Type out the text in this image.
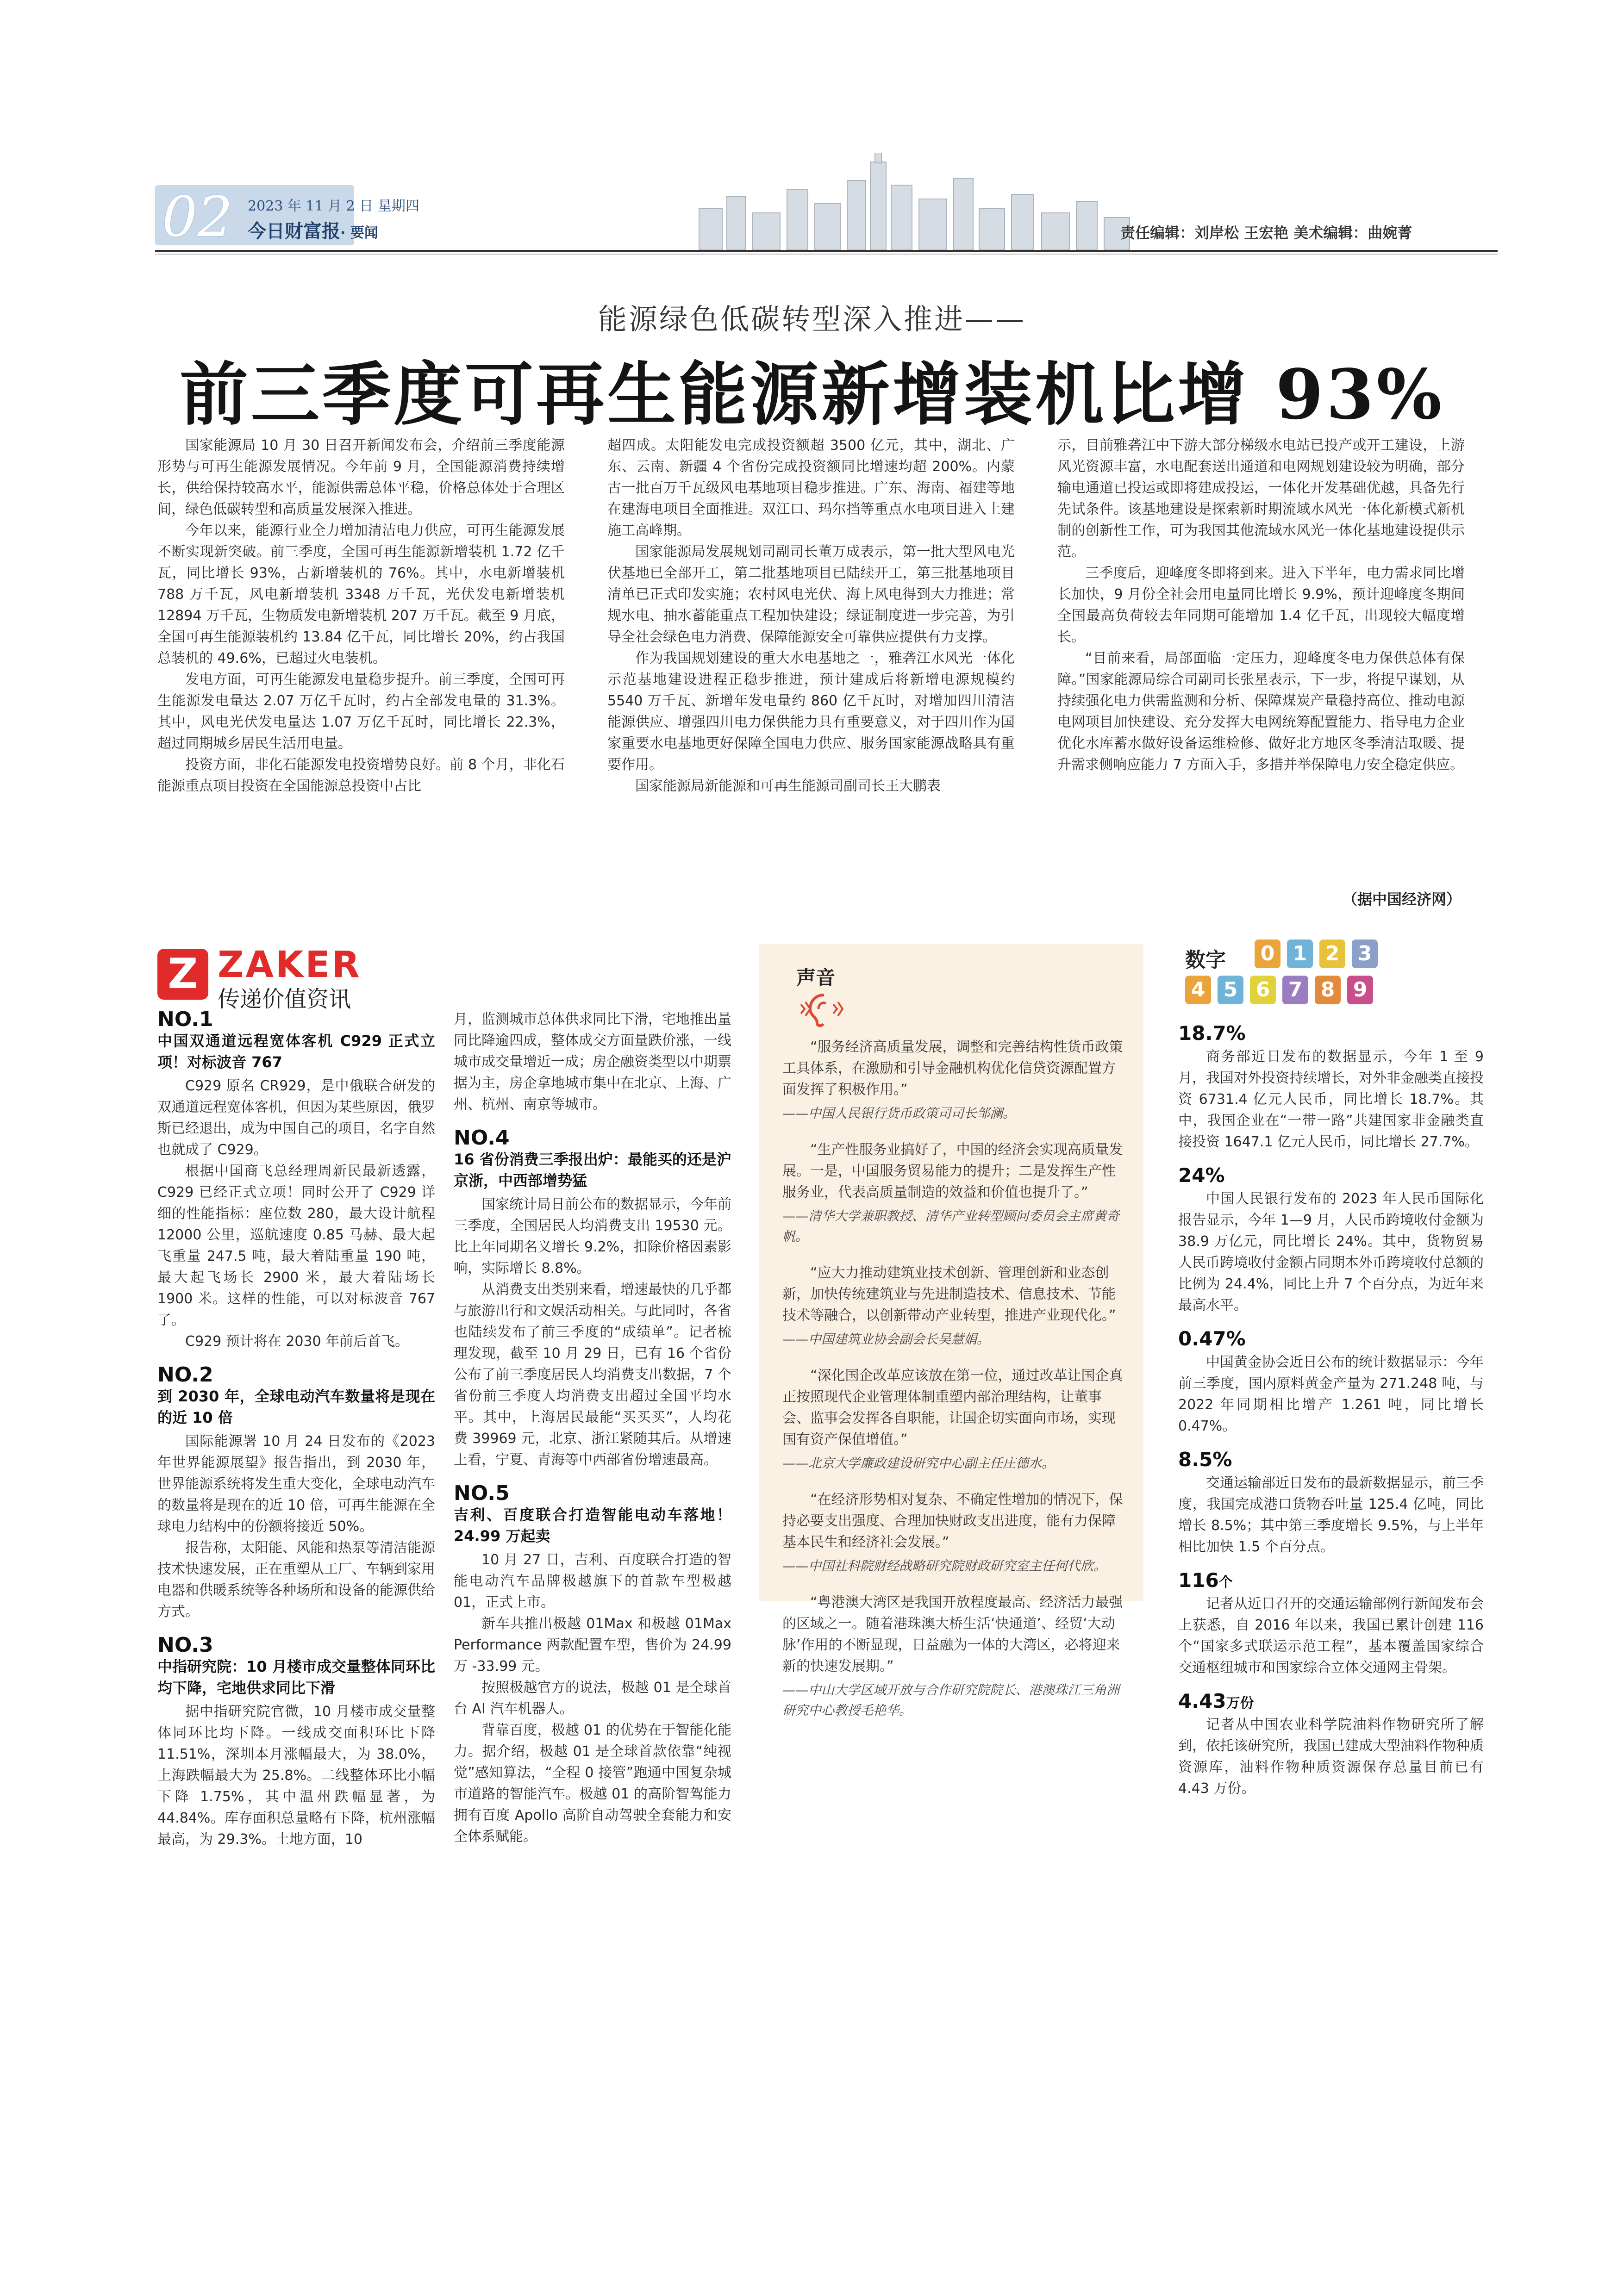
02 2023 年 11 月 2 日 星期四
今日财富报· 要闻	责任编辑：刘岸松 王宏艳 美术编辑：曲婉菁
能源绿色低碳转型深入推进——
前三季度可再生能源新增装机比增 93%

国家能源局 10 月 30 日召开新闻发布会，介绍前三季度能源形势与可再生能源发展情况。今年前 9 月，全国能源消费持续增长，供给保持较高水平，能源供需总体平稳，价格总体处于合理区间，绿色低碳转型和高质量发展深入推进。

今年以来，能源行业全力增加清洁电力供应，可再生能源发展不断实现新突破。前三季度，全国可再生能源新增装机 1.72 亿千瓦，同比增长 93%，占新增装机的 76%。其中，水电新增装机 788 万千瓦，风电新增装机 3348 万千瓦，光伏发电新增装机 12894 万千瓦，生物质发电新增装机 207 万千瓦。截至 9 月底，全国可再生能源装机约 13.84 亿千瓦，同比增长 20%，约占我国总装机的 49.6%，已超过火电装机。

发电方面，可再生能源发电量稳步提升。前三季度，全国可再生能源发电量达 2.07 万亿千瓦时，约占全部发电量的 31.3%。其中，风电光伏发电量达 1.07 万亿千瓦时，同比增长 22.3%，超过同期城乡居民生活用电量。

投资方面，非化石能源发电投资增势良好。前 8 个月，非化石能源重点项目投资在全国能源总投资中占比

超四成。太阳能发电完成投资额超 3500 亿元，其中，湖北、广东、云南、新疆 4 个省份完成投资额同比增速均超 200%。内蒙古一批百万千瓦级风电基地项目稳步推进。广东、海南、福建等地在建海电项目全面推进。双江口、玛尔挡等重点水电项目进入土建施工高峰期。

国家能源局发展规划司副司长董万成表示，第一批大型风电光伏基地已全部开工，第二批基地项目已陆续开工，第三批基地项目清单已正式印发实施；农村风电光伏、海上风电得到大力推进；常规水电、抽水蓄能重点工程加快建设；绿证制度进一步完善，为引导全社会绿色电力消费、保障能源安全可靠供应提供有力支撑。

作为我国规划建设的重大水电基地之一，雅砻江水风光一体化示范基地建设进程正稳步推进，预计建成后将新增电源规模约 5540 万千瓦、新增年发电量约 860 亿千瓦时，对增加四川清洁能源供应、增强四川电力保供能力具有重要意义，对于四川作为国家重要水电基地更好保障全国电力供应、服务国家能源战略具有重要作用。

国家能源局新能源和可再生能源司副司长王大鹏表

示，目前雅砻江中下游大部分梯级水电站已投产或开工建设，上游风光资源丰富，水电配套送出通道和电网规划建设较为明确，部分输电通道已投运或即将建成投运，一体化开发基础优越，具备先行先试条件。该基地建设是探索新时期流域水风光一体化新模式新机制的创新性工作，可为我国其他流域水风光一体化基地建设提供示范。

三季度后，迎峰度冬即将到来。进入下半年，电力需求同比增长加快，9 月份全社会用电量同比增长 9.9%，预计迎峰度冬期间全国最高负荷较去年同期可能增加 1.4 亿千瓦，出现较大幅度增长。

“目前来看，局部面临一定压力，迎峰度冬电力保供总体有保障。”国家能源局综合司副司长张星表示，下一步，将提早谋划，从持续强化电力供需监测和分析、保障煤炭产量稳持高位、推动电源电网项目加快建设、充分发挥大电网统筹配置能力、指导电力企业优化水库蓄水做好设备运维检修、做好北方地区冬季清洁取暖、提升需求侧响应能力 7 方面入手，多措并举保障电力安全稳定供应。

（据中国经济网）
Z ZAKER
传递价值资讯
NO.1
中国双通道远程宽体客机 C929 正式立项！对标波音 767

C929 原名 CR929，是中俄联合研发的双通道远程宽体客机，但因为某些原因，俄罗斯已经退出，成为中国自己的项目，名字自然也就成了 C929。

根据中国商飞总经理周新民最新透露，C929 已经正式立项！同时公开了 C929 详细的性能指标：座位数 280，最大设计航程 12000 公里，巡航速度 0.85 马赫、最大起飞重量 247.5 吨，最大着陆重量 190 吨，最大起飞场长 2900 米，最大着陆场长 1900 米。这样的性能，可以对标波音 767 了。

C929 预计将在 2030 年前后首飞。

NO.2
到 2030 年，全球电动汽车数量将是现在的近 10 倍

国际能源署 10 月 24 日发布的《2023 年世界能源展望》报告指出，到 2030 年，世界能源系统将发生重大变化，全球电动汽车的数量将是现在的近 10 倍，可再生能源在全球电力结构中的份额将接近 50%。

报告称，太阳能、风能和热泵等清洁能源技术快速发展，正在重塑从工厂、车辆到家用电器和供暖系统等各种场所和设备的能源供给方式。

NO.3
中指研究院：10 月楼市成交量整体同环比均下降，宅地供求同比下滑

据中指研究院官微，10 月楼市成交量整体同环比均下降。一线成交面积环比下降 11.51%，深圳本月涨幅最大，为 38.0%，上海跌幅最大为 25.8%。二线整体环比小幅下降 1.75%，其中温州跌幅显著，为 44.84%。库存面积总量略有下降，杭州涨幅最高，为 29.3%。土地方面，10

月，监测城市总体供求同比下滑，宅地推出量同比降逾四成，整体成交方面量跌价涨，一线城市成交量增近一成；房企融资类型以中期票据为主，房企拿地城市集中在北京、上海、广州、杭州、南京等城市。

NO.4
16 省份消费三季报出炉：最能买的还是沪京浙，中西部增势猛

国家统计局日前公布的数据显示，今年前三季度，全国居民人均消费支出 19530 元。比上年同期名义增长 9.2%，扣除价格因素影响，实际增长 8.8%。

从消费支出类别来看，增速最快的几乎都与旅游出行和文娱活动相关。与此同时，各省也陆续发布了前三季度的“成绩单”。记者梳理发现，截至 10 月 29 日，已有 16 个省份公布了前三季度居民人均消费支出数据，7 个省份前三季度人均消费支出超过全国平均水平。其中，上海居民最能“买买买”，人均花费 39969 元，北京、浙江紧随其后。从增速上看，宁夏、青海等中西部省份增速最高。

NO.5
吉利、百度联合打造智能电动车落地！24.99 万起卖

10 月 27 日，吉利、百度联合打造的智能电动汽车品牌极越旗下的首款车型极越 01，正式上市。

新车共推出极越 01Max 和极越 01Max Performance 两款配置车型，售价为 24.99 万 -33.99 元。

按照极越官方的说法，极越 01 是全球首台 AI 汽车机器人。

背靠百度，极越 01 的优势在于智能化能力。据介绍，极越 01 是全球首款依靠“纯视觉”感知算法，“全程 0 接管”跑通中国复杂城市道路的智能汽车。极越 01 的高阶智驾能力拥有百度 Apollo 高阶自动驾驶全套能力和安全体系赋能。

声音

“服务经济高质量发展，调整和完善结构性货币政策工具体系，在激励和引导金融机构优化信贷资源配置方面发挥了积极作用。”

——中国人民银行货币政策司司长邹澜。

“生产性服务业搞好了，中国的经济会实现高质量发展。一是，中国服务贸易能力的提升；二是发挥生产性服务业，代表高质量制造的效益和价值也提升了。”

——清华大学兼职教授、清华产业转型顾问委员会主席黄奇帆。

“应大力推动建筑业技术创新、管理创新和业态创新，加快传统建筑业与先进制造技术、信息技术、节能技术等融合，以创新带动产业转型，推进产业现代化。”

——中国建筑业协会副会长吴慧娟。

“深化国企改革应该放在第一位，通过改革让国企真正按照现代企业管理体制重塑内部治理结构，让董事会、监事会发挥各自职能，让国企切实面向市场，实现国有资产保值增值。”

——北京大学廉政建设研究中心副主任庄德水。

“在经济形势相对复杂、不确定性增加的情况下，保持必要支出强度、合理加快财政支出进度，能有力保障基本民生和经济社会发展。”

——中国社科院财经战略研究院财政研究室主任何代欣。

“粤港澳大湾区是我国开放程度最高、经济活力最强的区域之一。随着港珠澳大桥生活‘快通道’、经贸‘大动脉’作用的不断显现，日益融为一体的大湾区，必将迎来新的快速发展期。”

——中山大学区域开放与合作研究院院长、港澳珠江三角洲研究中心教授毛艳华。

数字 0 1 2 3
4 5 6 7 8 9
18.7%

商务部近日发布的数据显示，今年 1 至 9 月，我国对外投资持续增长，对外非金融类直接投资 6731.4 亿元人民币，同比增长 18.7%。其中，我国企业在“一带一路”共建国家非金融类直接投资 1647.1 亿元人民币，同比增长 27.7%。

24%

中国人民银行发布的 2023 年人民币国际化报告显示，今年 1—9 月，人民币跨境收付金额为 38.9 万亿元，同比增长 24%。其中，货物贸易人民币跨境收付金额占同期本外币跨境收付总额的比例为 24.4%，同比上升 7 个百分点，为近年来最高水平。

0.47%

中国黄金协会近日公布的统计数据显示：今年前三季度，国内原料黄金产量为 271.248 吨，与 2022 年同期相比增产 1.261 吨，同比增长 0.47%。

8.5%

交通运输部近日发布的最新数据显示，前三季度，我国完成港口货物吞吐量 125.4 亿吨，同比增长 8.5%；其中第三季度增长 9.5%，与上半年相比加快 1.5 个百分点。

116个

记者从近日召开的交通运输部例行新闻发布会上获悉，自 2016 年以来，我国已累计创建 116 个“国家多式联运示范工程”，基本覆盖国家综合交通枢纽城市和国家综合立体交通网主骨架。

4.43万份

记者从中国农业科学院油料作物研究所了解到，依托该研究所，我国已建成大型油料作物种质资源库，油料作物种质资源保存总量目前已有 4.43 万份。
